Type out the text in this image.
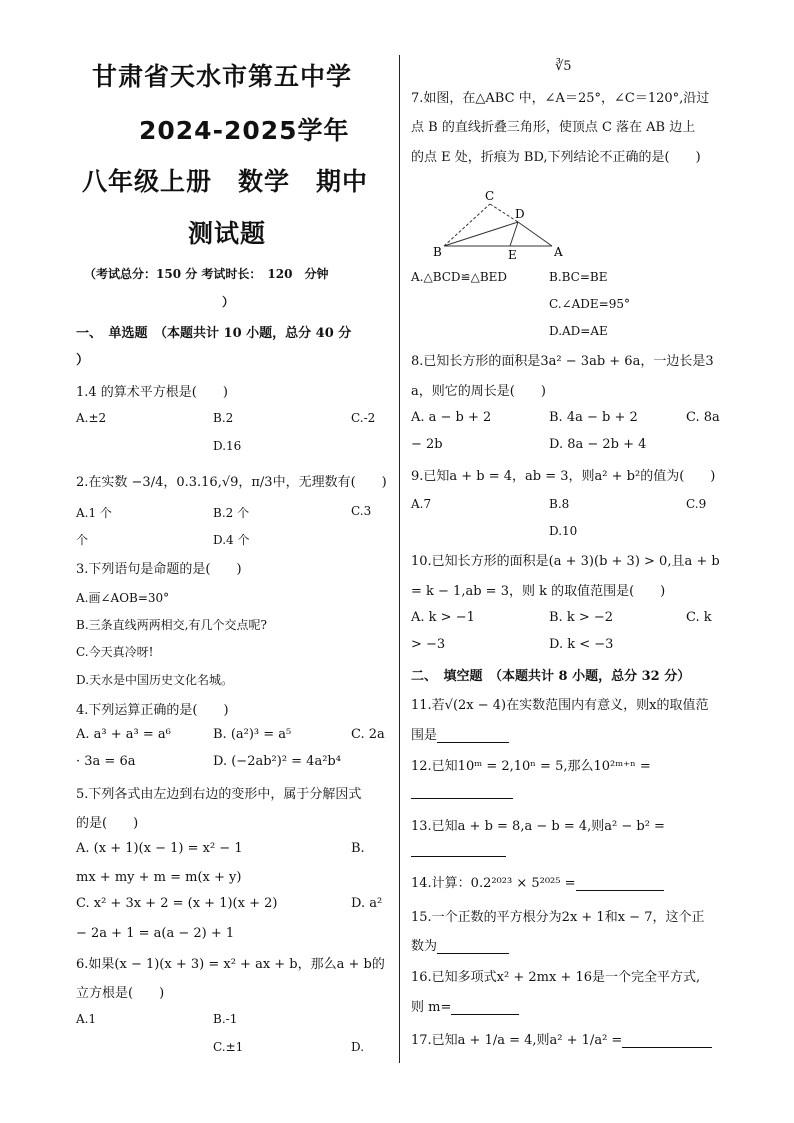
甘肃省天水市第五中学
2024-2025学年
八年级上册　数学　期中
测试题
（考试总分：150 分 考试时长：　120　分钟
）
一、　单选题　（本题共计 10 小题，总分 40 分
）
1.4 的算术平方根是(　　)
A.±2	B.2	C.-2
D.16
2.在实数 −3/4，0.3.16,√9，π/3中，无理数有(　　)
A.1 个	B.2 个	C.3
个	D.4 个
3.下列语句是命题的是(　　)
A.画∠AOB=30°
B.三条直线两两相交,有几个交点呢?
C.今天真冷呀!
D.天水是中国历史文化名城。
4.下列运算正确的是(　　)
A. a³ + a³ = a⁶	B. (a²)³ = a⁵	C. 2a
· 3a = 6a	D. (−2ab²)² = 4a²b⁴
5.下列各式由左边到右边的变形中，属于分解因式
的是(　　)
A. (x + 1)(x − 1) = x² − 1	B.
mx + my + m = m(x + y)
C. x² + 3x + 2 = (x + 1)(x + 2)	D. a²
− 2a + 1 = a(a − 2) + 1
6.如果(x − 1)(x + 3) = x² + ax + b，那么a + b的
立方根是(　　)
A.1	B.-1
C.±1	D.
∛5
7.如图，在△ABC 中，∠A＝25°，∠C＝120°,沿过
点 B 的直线折叠三角形，使顶点 C 落在 AB 边上
的点 E 处，折痕为 BD,下列结论不正确的是(　　)
B
C
D
E	A
A.△BCD≌△BED	B.BC=BE
C.∠ADE=95°
D.AD=AE
8.已知长方形的面积是3a² − 3ab + 6a，一边长是3
a，则它的周长是(　　)
A. a − b + 2	B. 4a − b + 2	C. 8a
− 2b	D. 8a − 2b + 4
9.已知a + b = 4，ab = 3，则a² + b²的值为(　　)
A.7	B.8	C.9
D.10
10.已知长方形的面积是(a + 3)(b + 3) > 0,且a + b
= k − 1,ab = 3，则 k 的取值范围是(　　)
A. k > −1	B. k > −2	C. k
> −3	D. k < −3
二、　填空题　（本题共计 8 小题，总分 32 分）
11.若√(2x − 4)在实数范围内有意义，则x的取值范
围是
12.已知10ᵐ = 2,10ⁿ = 5,那么10²ᵐ⁺ⁿ =
13.已知a + b = 8,a − b = 4,则a² − b² =
14.计算：0.2²⁰²³ × 5²⁰²⁵ =
15.一个正数的平方根分为2x + 1和x − 7，这个正
数为
16.已知多项式x² + 2mx + 16是一个完全平方式,
则 m=
17.已知a + 1/a = 4,则a² + 1/a² =
